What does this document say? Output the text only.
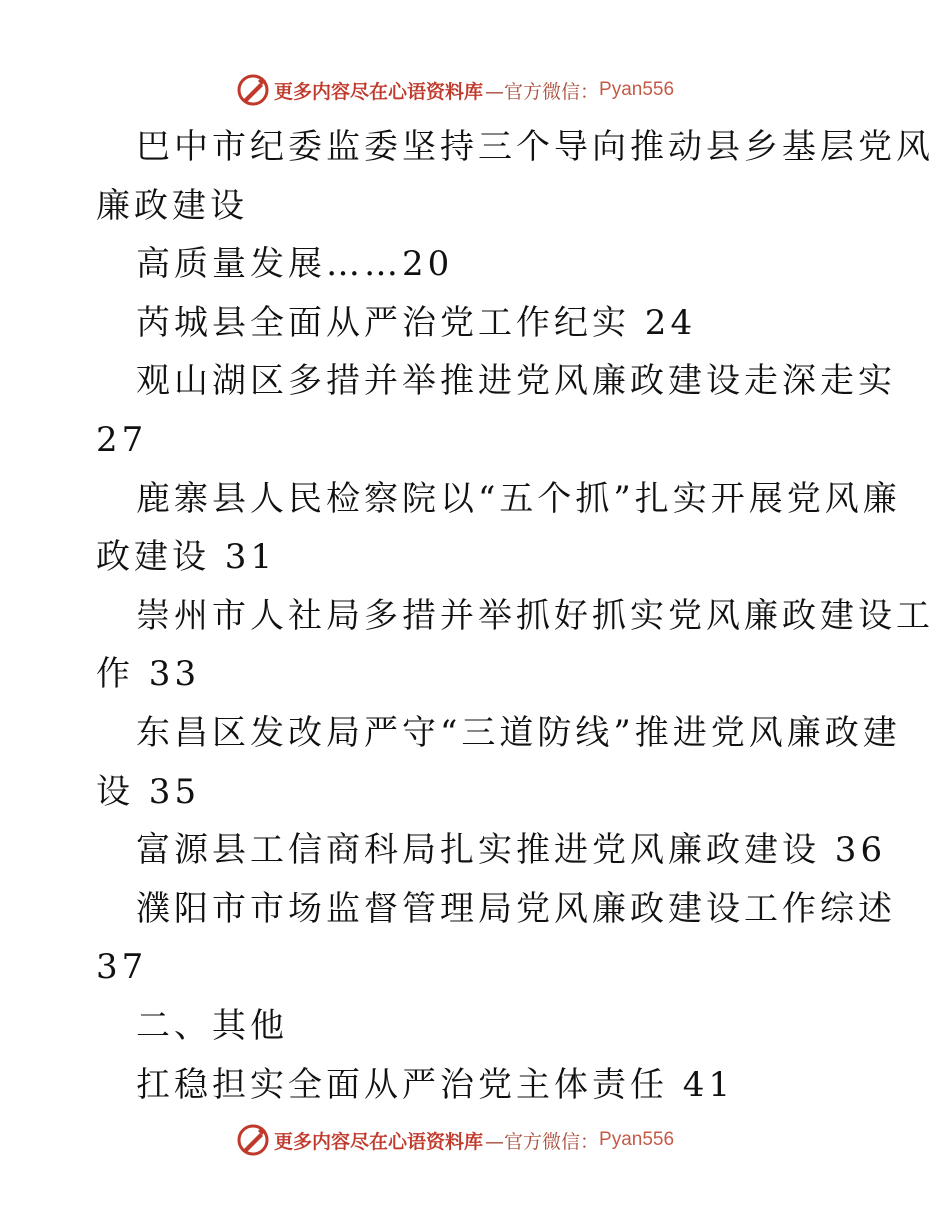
更多内容尽在心语资料库 —官方微信： Pyan556
巴中市纪委监委坚持三个导向推动县乡基层党风
廉政建设
高质量发展……20
芮城县全面从严治党工作纪实 24
观山湖区多措并举推进党风廉政建设走深走实
27
鹿寨县人民检察院以“五个抓”扎实开展党风廉
政建设 31
崇州市人社局多措并举抓好抓实党风廉政建设工
作 33
东昌区发改局严守“三道防线”推进党风廉政建
设 35
富源县工信商科局扎实推进党风廉政建设 36
濮阳市市场监督管理局党风廉政建设工作综述
37
二、其他
扛稳担实全面从严治党主体责任 41
更多内容尽在心语资料库 —官方微信： Pyan556
